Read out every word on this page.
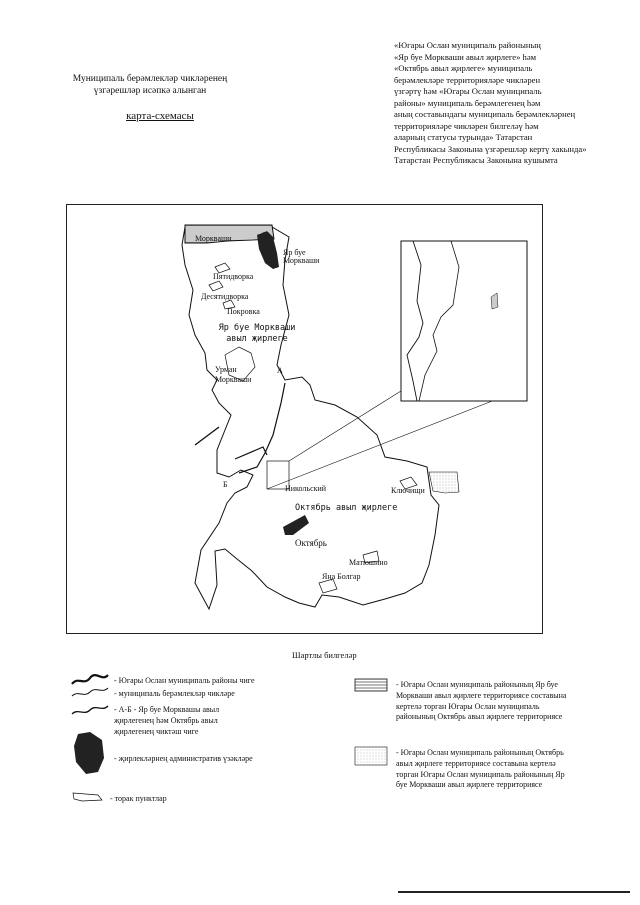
Муниципаль берәмлекләр чикләренең
үзгәрешләр исәпкә алынган
карта-схемасы
«Югары Ослан муниципаль районының
«Яр буе Моркваши авыл җирлеге» һәм
«Октябрь авыл җирлеге» муниципаль
берәмлекләре территорияләре чикләрен
үзгәртү һәм «Югары Ослан муниципаль
районы» муниципаль берәмлегенең һәм
аның составындагы муниципаль берәмлекләрнең
территорияләре чикләрен билгеләү һәм
аларның статусы турында» Татарстан
Республикасы Законына үзгәрешләр кертү хакында»
Татарстан Республикасы Законына кушымта
Моркваши
Яр буе Моркваши
Пятидворка
Десятидворка
Покровка
Яр буе Моркваши авыл җирлеге
Урман Моркваши
А
Б	Никольский	Ключищи
Октябрь авыл җирлеге
Октябрь
Матюшино
Яңа Болгар
Шартлы билгеләр
- Югары Ослан муниципаль районы чиге
- муниципаль берәмлекләр чикләре
- А-Б - Яр буе Морквашы авыл
җирлегенең һәм Октябрь авыл
җирлегенең чиктәш чиге
- җирлекләрнең административ үзәкләре
- торак пунктлар
- Югары Ослан муниципаль районының Яр буе
Моркваши авыл җирлеге территориясе составына
кертелә торган Югары Ослан муниципаль
районының Октябрь авыл җирлеге территориясе
- Югары Ослан муниципаль районының Октябрь
авыл җирлеге территориясе составына кертелә
торган Югары Ослан муниципаль районының Яр
буе Моркваши авыл җирлеге территориясе
